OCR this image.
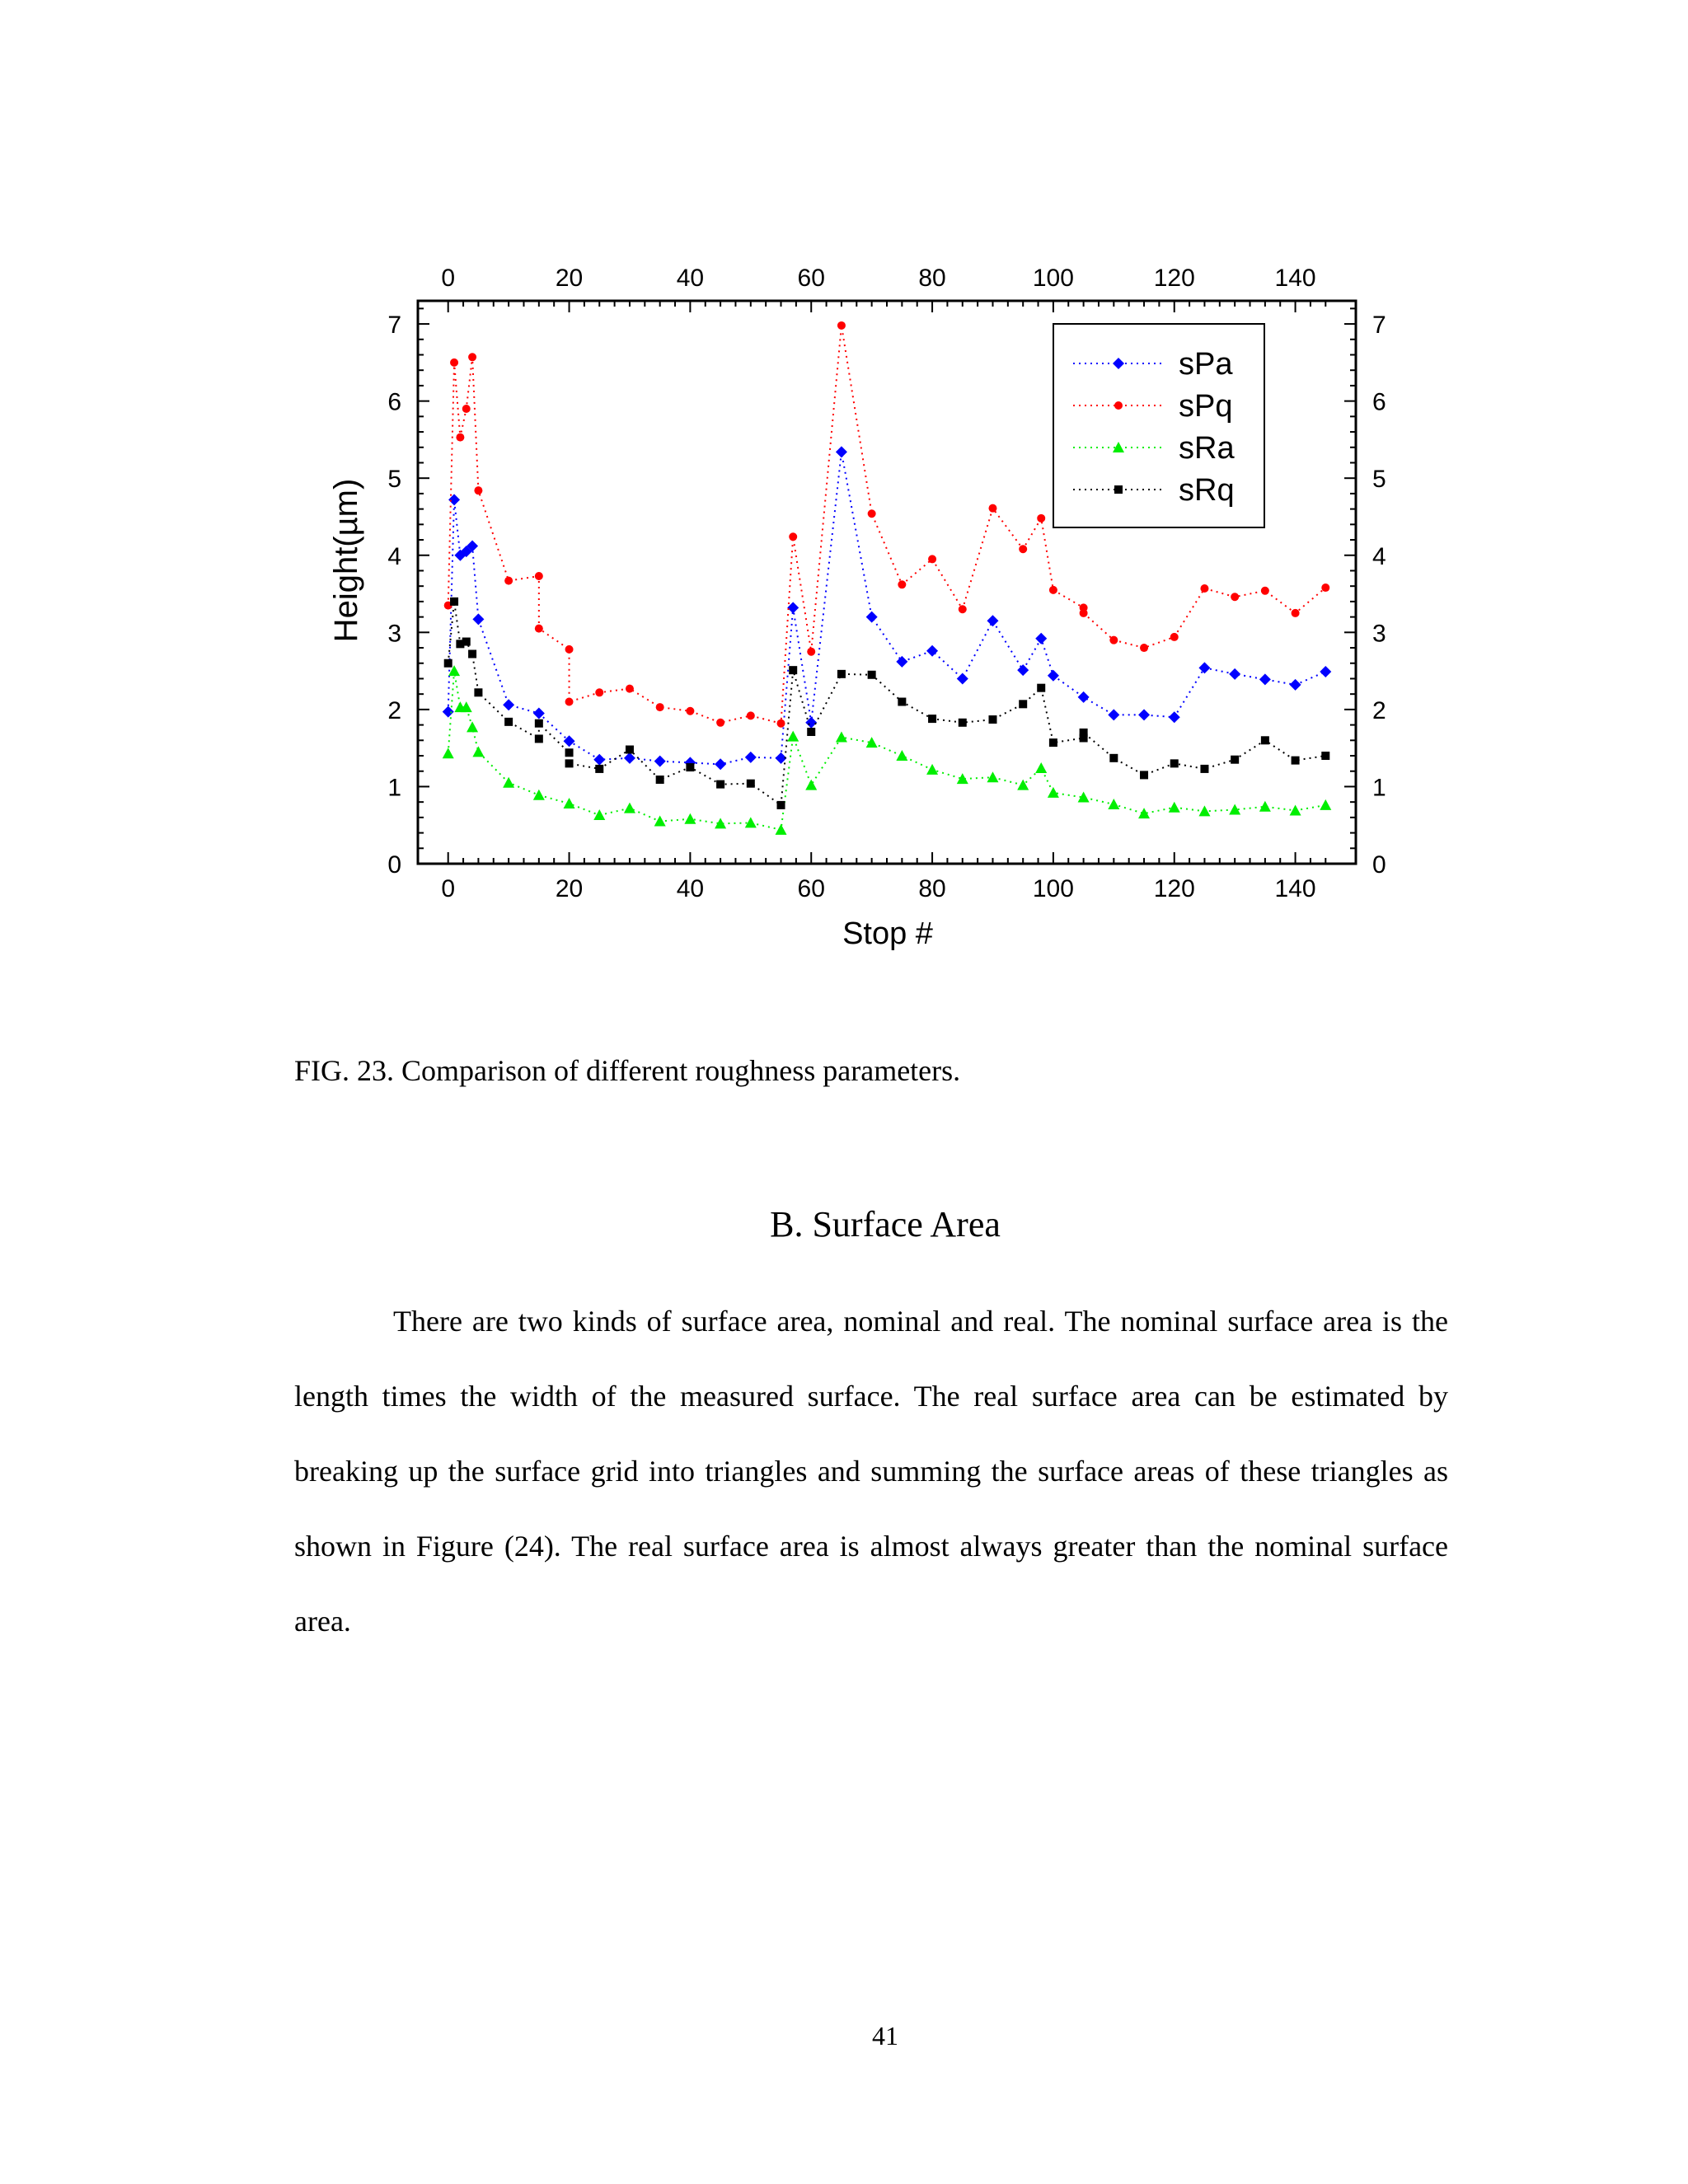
0
0
20
20
40
40
60
60
80
80
100
100
120
120
140
140
0	0
1	1
2	2
3	3
4	4
5	5
6	6
7	7
Stop #
Height(µm)
sPa
sPq
sRa
sRq

FIG. 23. Comparison of different roughness parameters.

B. Surface Area

There are two kinds of surface area, nominal and real. The nominal surface area is the length times the width of the measured surface. The real surface area can be estimated by breaking up the surface grid into triangles and summing the surface areas of these triangles as shown in Figure (24). The real surface area is almost always greater than the nominal surface area.

41
